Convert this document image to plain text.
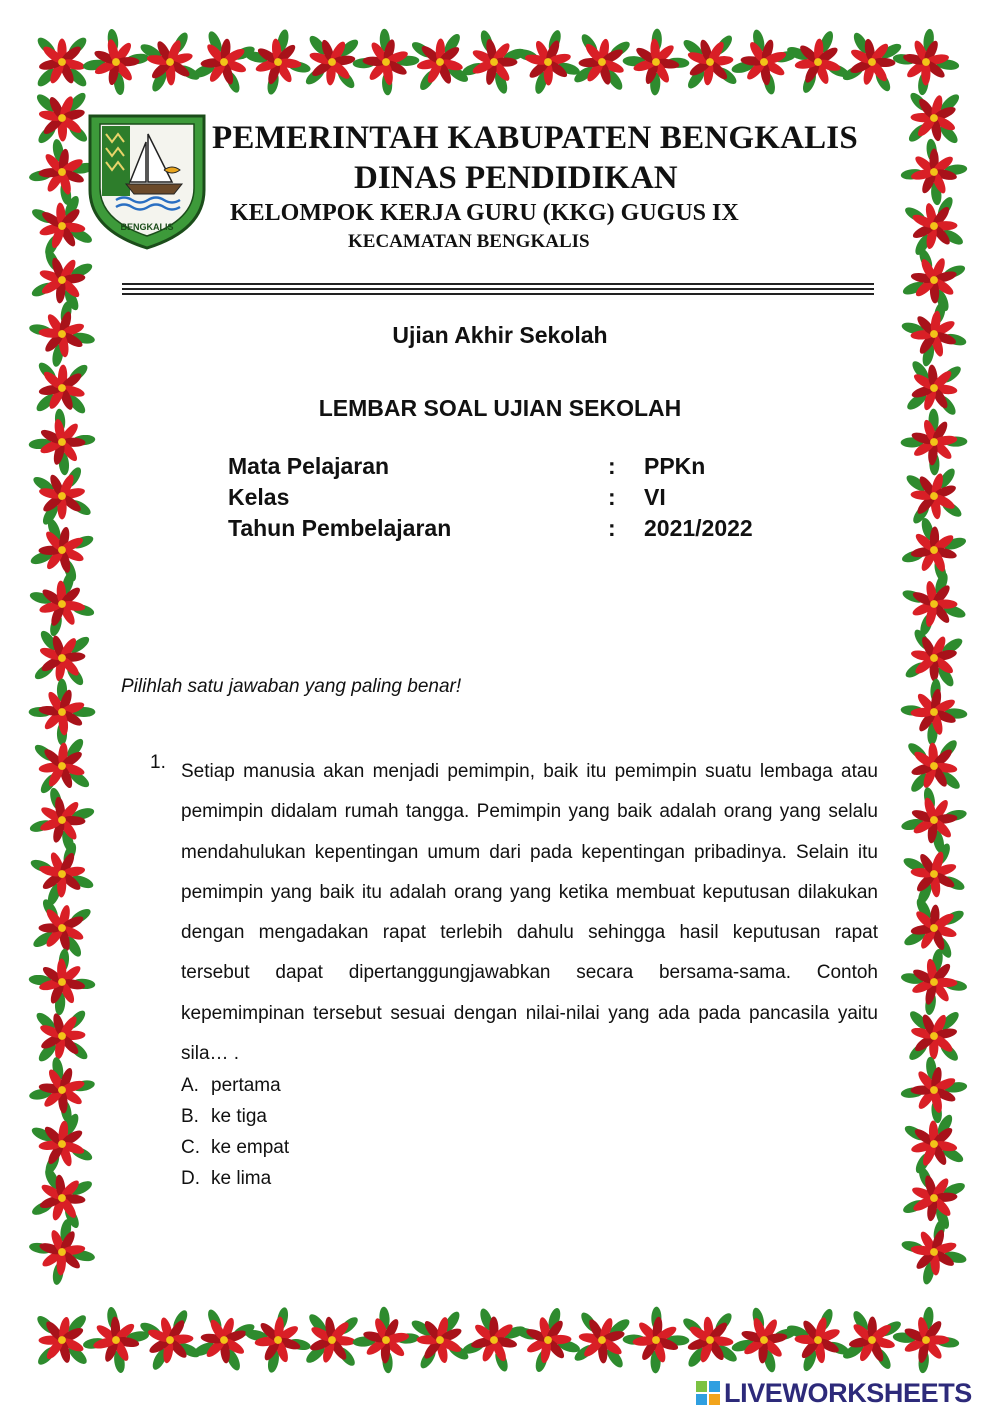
BENGKALIS
PEMERINTAH KABUPATEN BENGKALIS
DINAS PENDIDIKAN
KELOMPOK KERJA GURU (KKG) GUGUS IX
KECAMATAN BENGKALIS
Ujian Akhir Sekolah
LEMBAR SOAL UJIAN SEKOLAH
Mata Pelajaran	: PPKn
Kelas	: VI
Tahun Pembelajaran	: 2021/2022
Pilihlah satu jawaban yang paling benar!
1. Setiap manusia akan menjadi pemimpin, baik itu pemimpin suatu lembaga atau pemimpin didalam rumah tangga. Pemimpin yang baik adalah orang yang selalu mendahulukan kepentingan umum dari pada kepentingan pribadinya. Selain itu pemimpin yang baik itu adalah orang yang ketika membuat keputusan dilakukan dengan mengadakan rapat terlebih dahulu sehingga hasil keputusan rapat tersebut dapat dipertanggungjawabkan secara bersama-sama. Contoh kepemimpinan tersebut sesuai dengan nilai-nilai yang ada pada pancasila yaitu sila… .
A. pertama
B. ke tiga
C. ke empat
D. ke lima
LIVEWORKSHEETS
